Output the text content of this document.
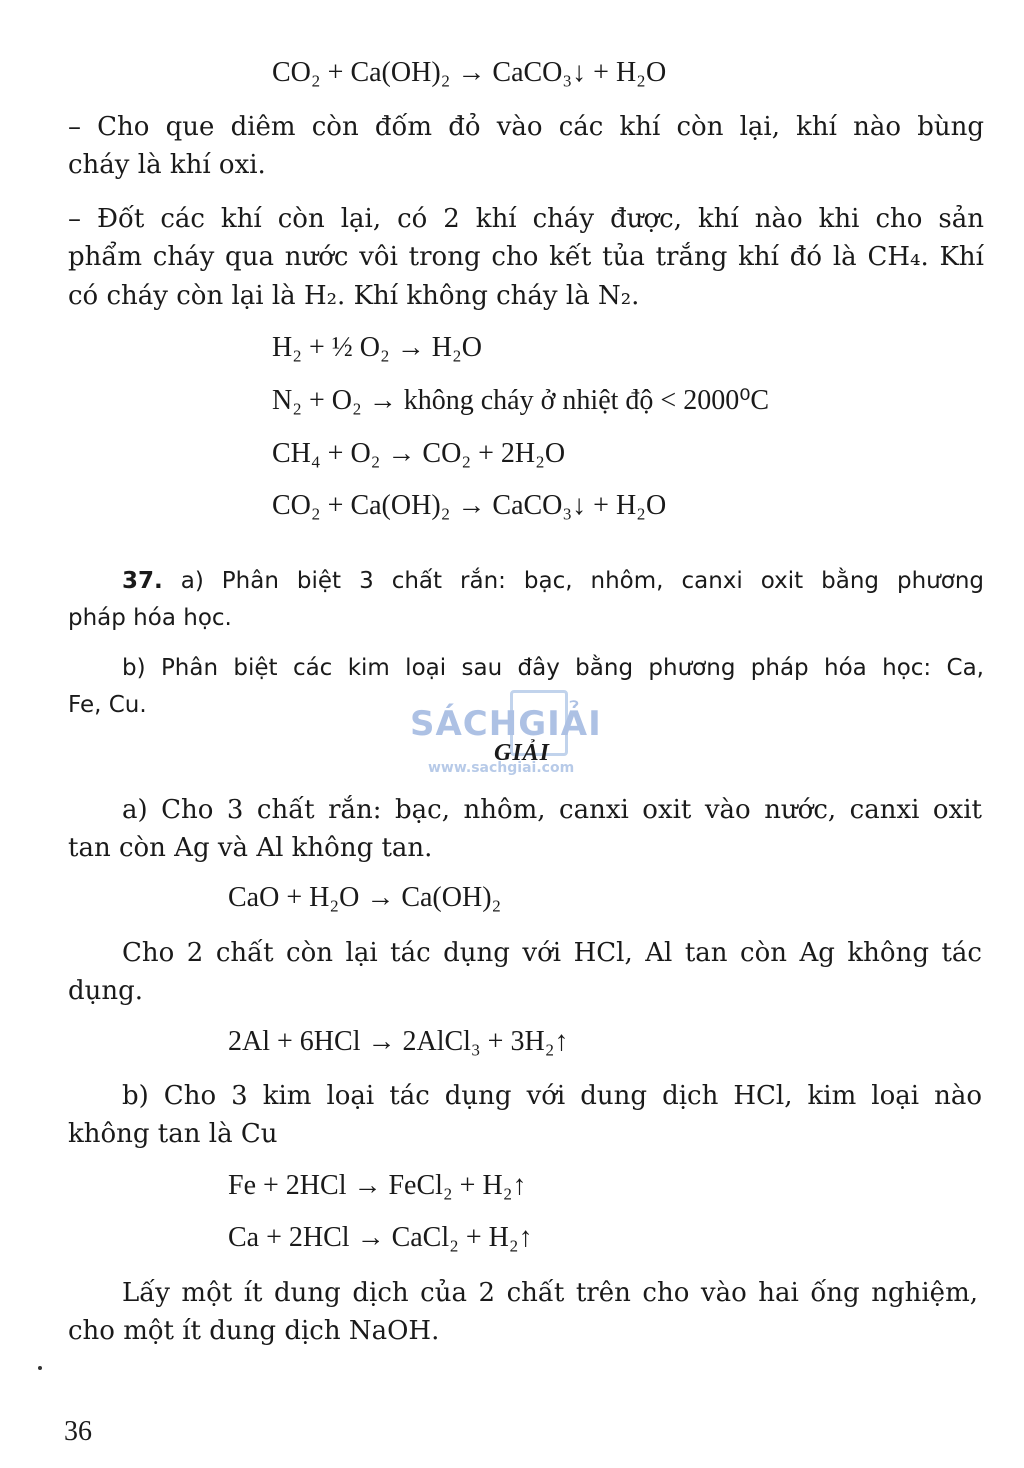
CO₂ + Ca(OH)₂ → CaCO₃↓ + H₂O
– Cho que diêm còn đốm đỏ vào các khí còn lại, khí nào bùng
cháy là khí oxi.
– Đốt các khí còn lại, có 2 khí cháy được, khí nào khi cho sản
phẩm cháy qua nước vôi trong cho kết tủa trắng khí đó là CH₄. Khí
có cháy còn lại là H₂. Khí không cháy là N₂.
H₂ + ½ O₂ → H₂O
N₂ + O₂ → không cháy ở nhiệt độ < 2000⁰C
CH₄ + O₂ → CO₂ + 2H₂O
CO₂ + Ca(OH)₂ → CaCO₃↓ + H₂O
37. a) Phân biệt 3 chất rắn: bạc, nhôm, canxi oxit bằng phương
pháp hóa học.
b) Phân biệt các kim loại sau đây bằng phương pháp hóa học: Ca,
Fe, Cu.	SÁCHGIẢI
www.sachgiai.com
GIẢI
a) Cho 3 chất rắn: bạc, nhôm, canxi oxit vào nước, canxi oxit
tan còn Ag và Al không tan.
CaO + H₂O → Ca(OH)₂
Cho 2 chất còn lại tác dụng với HCl, Al tan còn Ag không tác
dụng.
2Al + 6HCl → 2AlCl₃ + 3H₂↑
b) Cho 3 kim loại tác dụng với dung dịch HCl, kim loại nào
không tan là Cu
Fe + 2HCl → FeCl₂ + H₂↑
Ca + 2HCl → CaCl₂ + H₂↑
Lấy một ít dung dịch của 2 chất trên cho vào hai ống nghiệm,
cho một ít dung dịch NaOH.
36
